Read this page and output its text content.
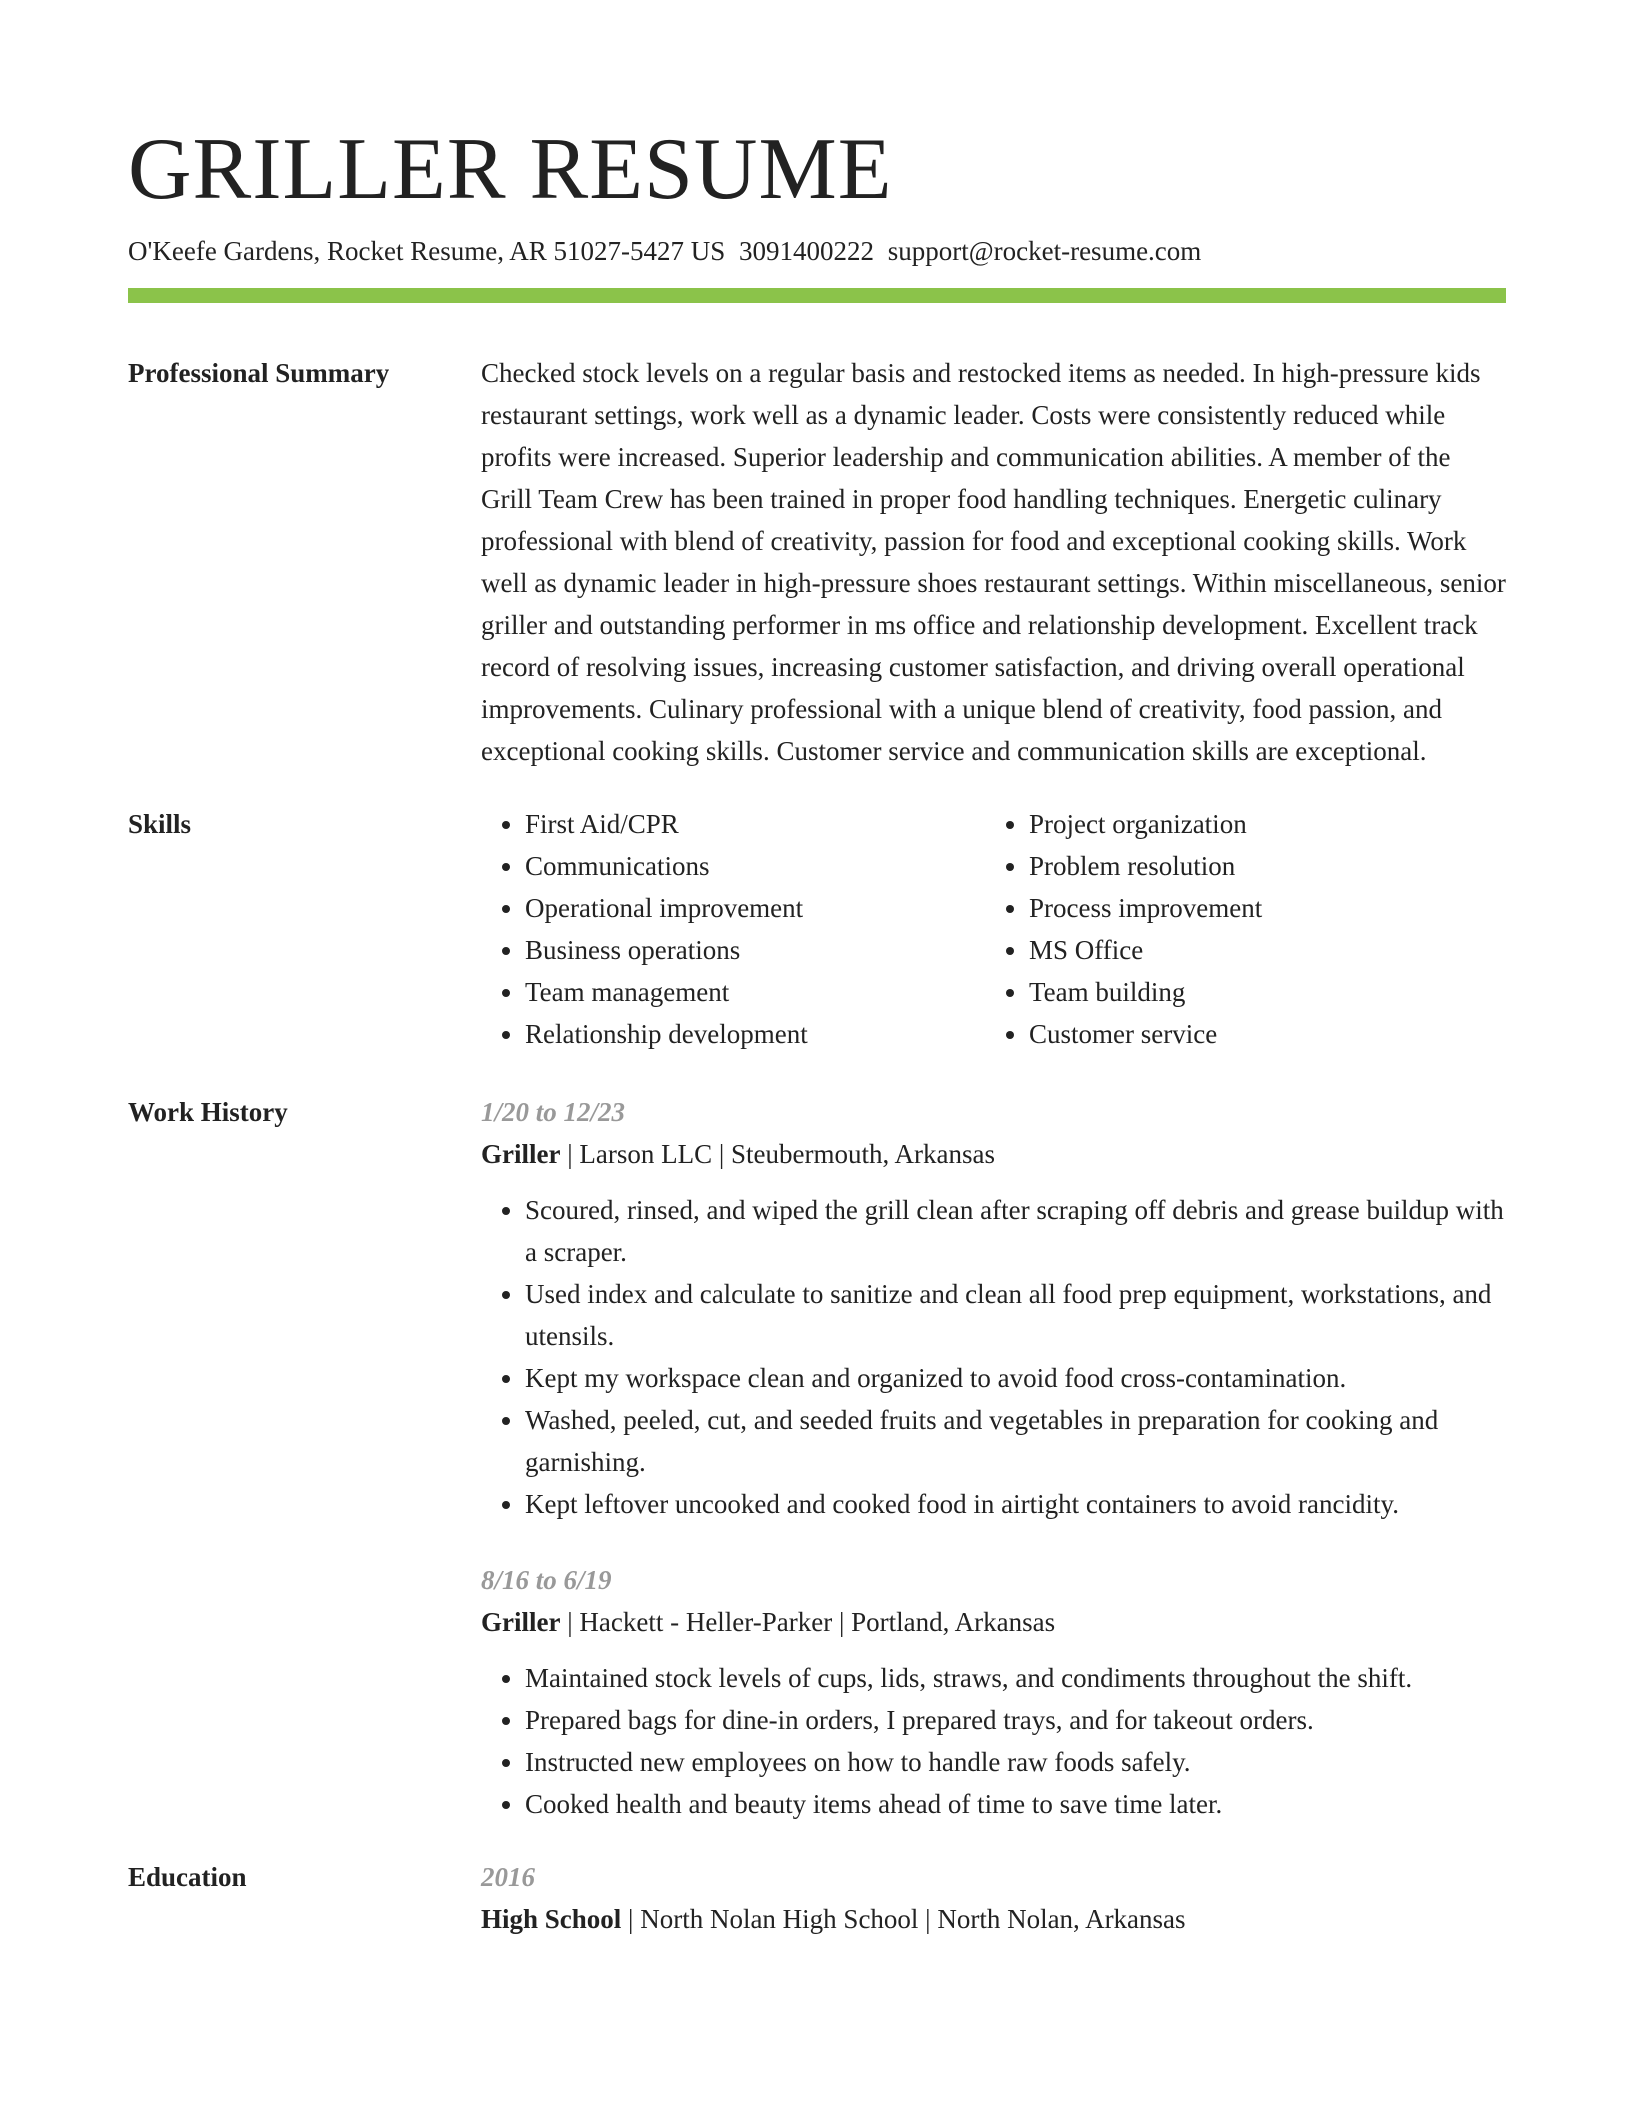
GRILLER RESUME
O'Keefe Gardens, Rocket Resume, AR 51027-5427 US 3091400222 support@rocket-resume.com
Professional Summary	Checked stock levels on a regular basis and restocked items as needed. In high-pressure kids restaurant settings, work well as a dynamic leader. Costs were consistently reduced while profits were increased. Superior leadership and communication abilities. A member of the Grill Team Crew has been trained in proper food handling techniques. Energetic culinary professional with blend of creativity, passion for food and exceptional cooking skills. Work well as dynamic leader in high-pressure shoes restaurant settings. Within miscellaneous, senior griller and outstanding performer in ms office and relationship development. Excellent track record of resolving issues, increasing customer satisfaction, and driving overall operational improvements. Culinary professional with a unique blend of creativity, food passion, and exceptional cooking skills. Customer service and communication skills are exceptional.

Skills
•	First Aid/CPR
• Communications
• Operational improvement
• Business operations
• Team management
• Relationship development
• Project organization
• Problem resolution
• Process improvement
• MS Office
• Team building
• Customer service
Work History	1/20 to 12/23
Griller | Larson LLC | Steubermouth, Arkansas
• Scoured, rinsed, and wiped the grill clean after scraping off debris and grease buildup with a scraper.
• Used index and calculate to sanitize and clean all food prep equipment, workstations, and utensils.
• Kept my workspace clean and organized to avoid food cross-contamination.
• Washed, peeled, cut, and seeded fruits and vegetables in preparation for cooking and garnishing.
• Kept leftover uncooked and cooked food in airtight containers to avoid rancidity.
8/16 to 6/19
Griller | Hackett - Heller-Parker | Portland, Arkansas
• Maintained stock levels of cups, lids, straws, and condiments throughout the shift.
• Prepared bags for dine-in orders, I prepared trays, and for takeout orders.
• Instructed new employees on how to handle raw foods safely.
• Cooked health and beauty items ahead of time to save time later.
Education	2016
High School | North Nolan High School | North Nolan, Arkansas
